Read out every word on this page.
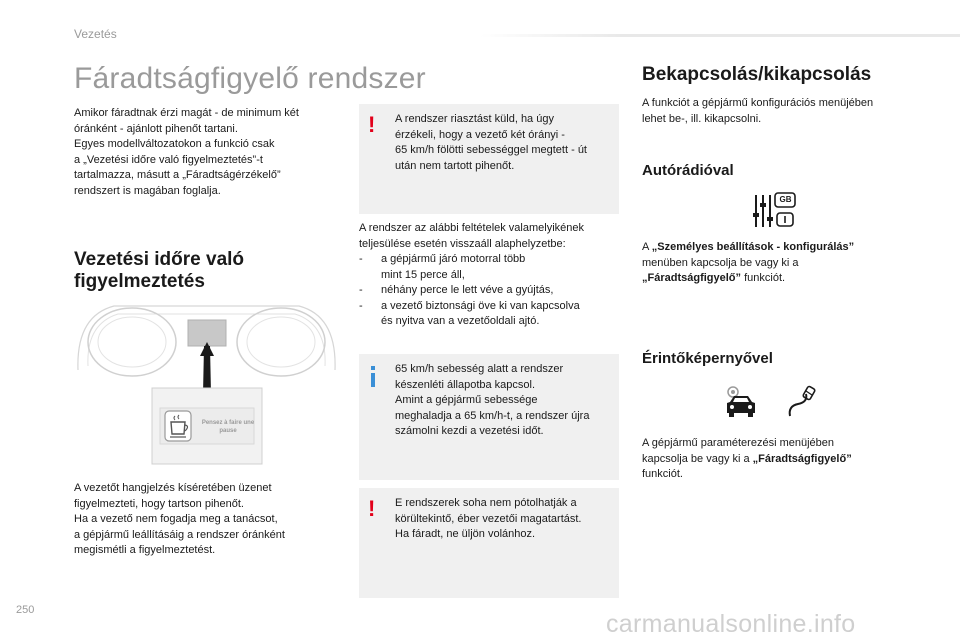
Vezetés
Fáradtságfigyelő rendszer

Amikor fáradtnak érzi magát - de minimum két

óránként - ajánlott pihenőt tartani.

Egyes modellváltozatokon a funkció csak

a „Vezetési időre való figyelmeztetés”-t

tartalmazza, másutt a „Fáradtságérzékelő”

rendszert is magában foglalja.

Vezetési időre való
figyelmeztetés
Pensez à faire une
pause

A vezetőt hangjelzés kíséretében üzenet

figyelmezteti, hogy tartson pihenőt.

Ha a vezető nem fogadja meg a tanácsot,

a gépjármű leállításáig a rendszer óránként

megismétli a figyelmeztetést.

! A rendszer riasztást küld, ha úgy

érzékeli, hogy a vezető két órányi -

65 km/h fölötti sebességgel megtett - út

után nem tartott pihenőt.

A rendszer az alábbi feltételek valamelyikének

teljesülése esetén visszaáll alaphelyzetbe:

-	a gépjármű járó motorral több

mint 15 perce áll,

-	néhány perce le lett véve a gyújtás,

-	a vezető biztonsági öve ki van kapcsolva

és nyitva van a vezetőoldali ajtó.

65 km/h sebesség alatt a rendszer

készenléti állapotba kapcsol.

Amint a gépjármű sebessége

meghaladja a 65 km/h-t, a rendszer újra

számolni kezdi a vezetési időt.

! E rendszerek soha nem pótolhatják a

körültekintő, éber vezetői magatartást.

Ha fáradt, ne üljön volánhoz.

Bekapcsolás/kikapcsolás

A funkciót a gépjármű konfigurációs menüjében

lehet be-, ill. kikapcsolni.

Autórádióval
GB

A „Személyes beállítások - konfigurálás”

menüben kapcsolja be vagy ki a

„Fáradtságfigyelő” funkciót.

Érintőképernyővel

A gépjármű paraméterezési menüjében

kapcsolja be vagy ki a „Fáradtságfigyelő”

funkciót.

250	carmanualsonline.info
